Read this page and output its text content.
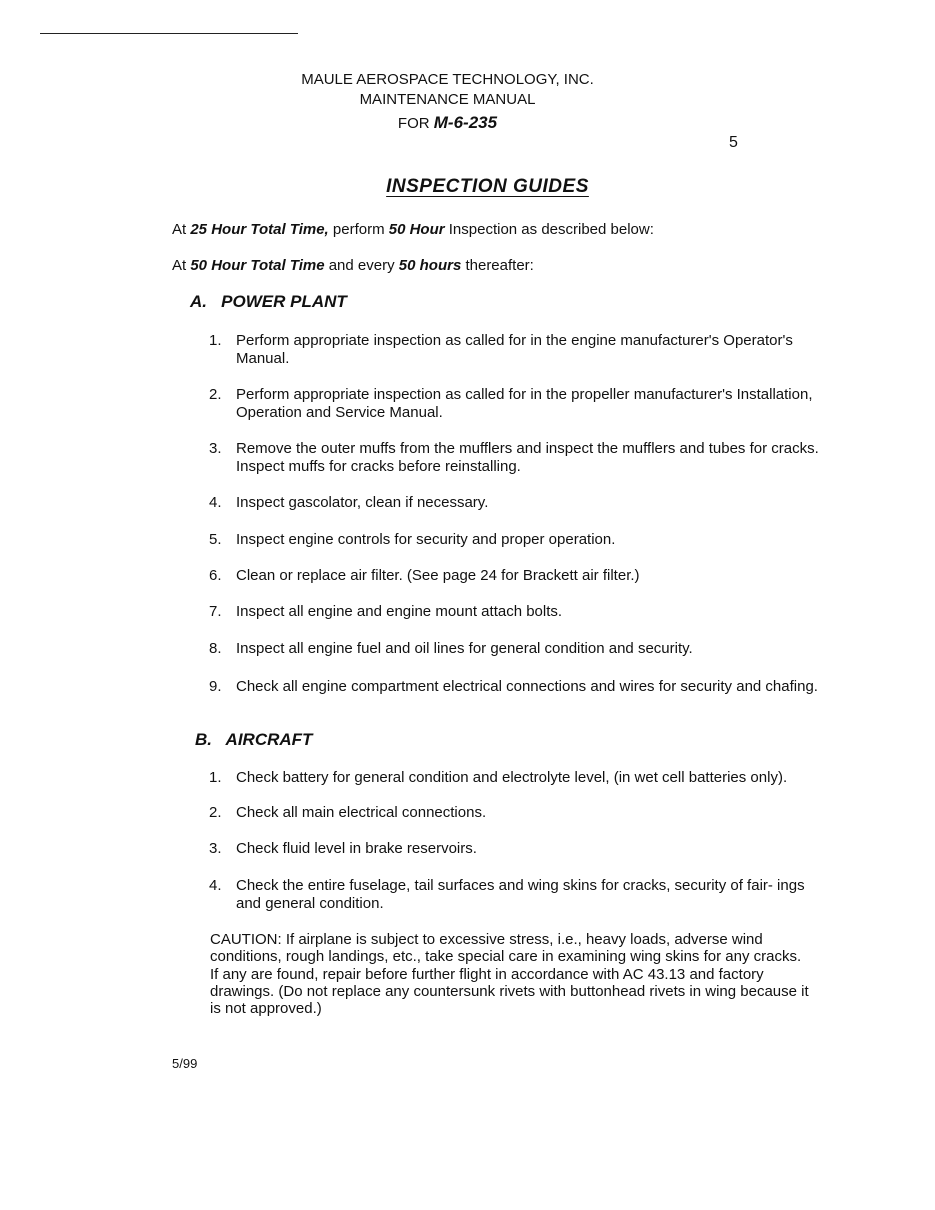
MAULE AEROSPACE TECHNOLOGY, INC.
MAINTENANCE MANUAL
FOR M-6-235
5
INSPECTION GUIDES
At 25 Hour Total Time, perform 50 Hour Inspection as described below:
At 50 Hour Total Time and every 50 hours thereafter:
A.   POWER PLANT
1. Perform appropriate inspection as called for in the engine manufacturer's Operator's Manual.
2. Perform appropriate inspection as called for in the propeller manufacturer's Installation, Operation and Service Manual.
3. Remove the outer muffs from the mufflers and inspect the mufflers and tubes for cracks. Inspect muffs for cracks before reinstalling.
4. Inspect gascolator, clean if necessary.
5. Inspect engine controls for security and proper operation.
6. Clean or replace air filter. (See page 24 for Brackett air filter.)
7. Inspect all engine and engine mount attach bolts.
8. Inspect all engine fuel and oil lines for general condition and security.
9. Check all engine compartment electrical connections and wires for security and chafing.
B.   AIRCRAFT
1. Check battery for general condition and electrolyte level, (in wet cell batteries only).
2. Check all main electrical connections.
3. Check fluid level in brake reservoirs.
4. Check the entire fuselage, tail surfaces and wing skins for cracks, security of fair- ings and general condition.
CAUTION: If airplane is subject to excessive stress, i.e., heavy loads, adverse wind conditions, rough landings, etc., take special care in examining wing skins for any cracks. If any are found, repair before further flight in accordance with AC 43.13 and factory drawings. (Do not replace any countersunk rivets with buttonhead rivets in wing because it is not approved.)
5/99
